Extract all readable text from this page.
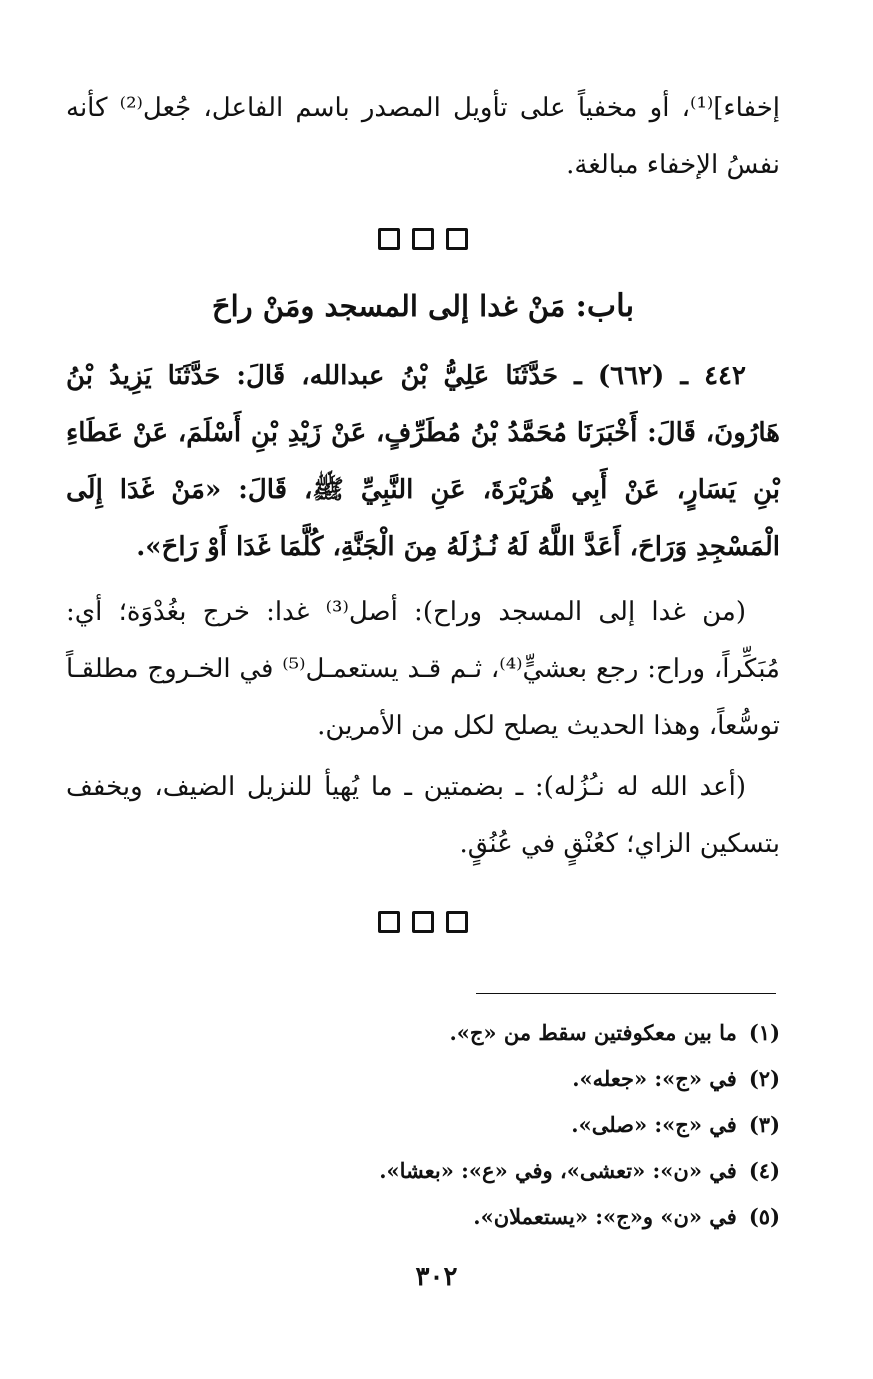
إخفاء]⁽¹⁾، أو مخفياً على تأويل المصدر باسم الفاعل، جُعل⁽²⁾ كأنه نفسُ الإخفاء مبالغة.

باب: مَنْ غدا إلى المسجد ومَنْ راحَ

٤٤٢ ـ (٦٦٢) ـ حَدَّثَنَا عَلِيُّ بْنُ عبدالله، قَالَ: حَدَّثَنَا يَزِيدُ بْنُ هَارُونَ، قَالَ: أَخْبَرَنَا مُحَمَّدُ بْنُ مُطَرِّفٍ، عَنْ زَيْدِ بْنِ أَسْلَمَ، عَنْ عَطَاءِ بْنِ يَسَارٍ، عَنْ أَبِي هُرَيْرَةَ، عَنِ النَّبِيِّ ﷺ، قَالَ: «مَنْ غَدَا إِلَى الْمَسْجِدِ وَرَاحَ، أَعَدَّ اللَّهُ لَهُ نُـزُلَهُ مِنَ الْجَنَّةِ، كُلَّمَا غَدَا أَوْ رَاحَ».

(من غدا إلى المسجد وراح): أصل⁽³⁾ غدا: خرج بغُدْوَة؛ أي: مُبَكِّراً، وراح: رجع بعشيٍّ⁽⁴⁾، ثـم قـد يستعمـل⁽⁵⁾ في الخـروج مطلقـاً توسُّعاً، وهذا الحديث يصلح لكل من الأمرين.

(أعد الله له نـُزُله): ـ بضمتين ـ ما يُهيأ للنزيل الضيف، ويخفف بتسكين الزاي؛ كعُنْقٍ في عُنُقٍ.

(١)ما بين معكوفتين سقط من «ج».
(٢)في «ج»: «جعله».
(٣)في «ج»: «صلى».
(٤)في «ن»: «تعشى»، وفي «ع»: «بعشا».
(٥)في «ن» و«ج»: «يستعملان».
٣٠٢
